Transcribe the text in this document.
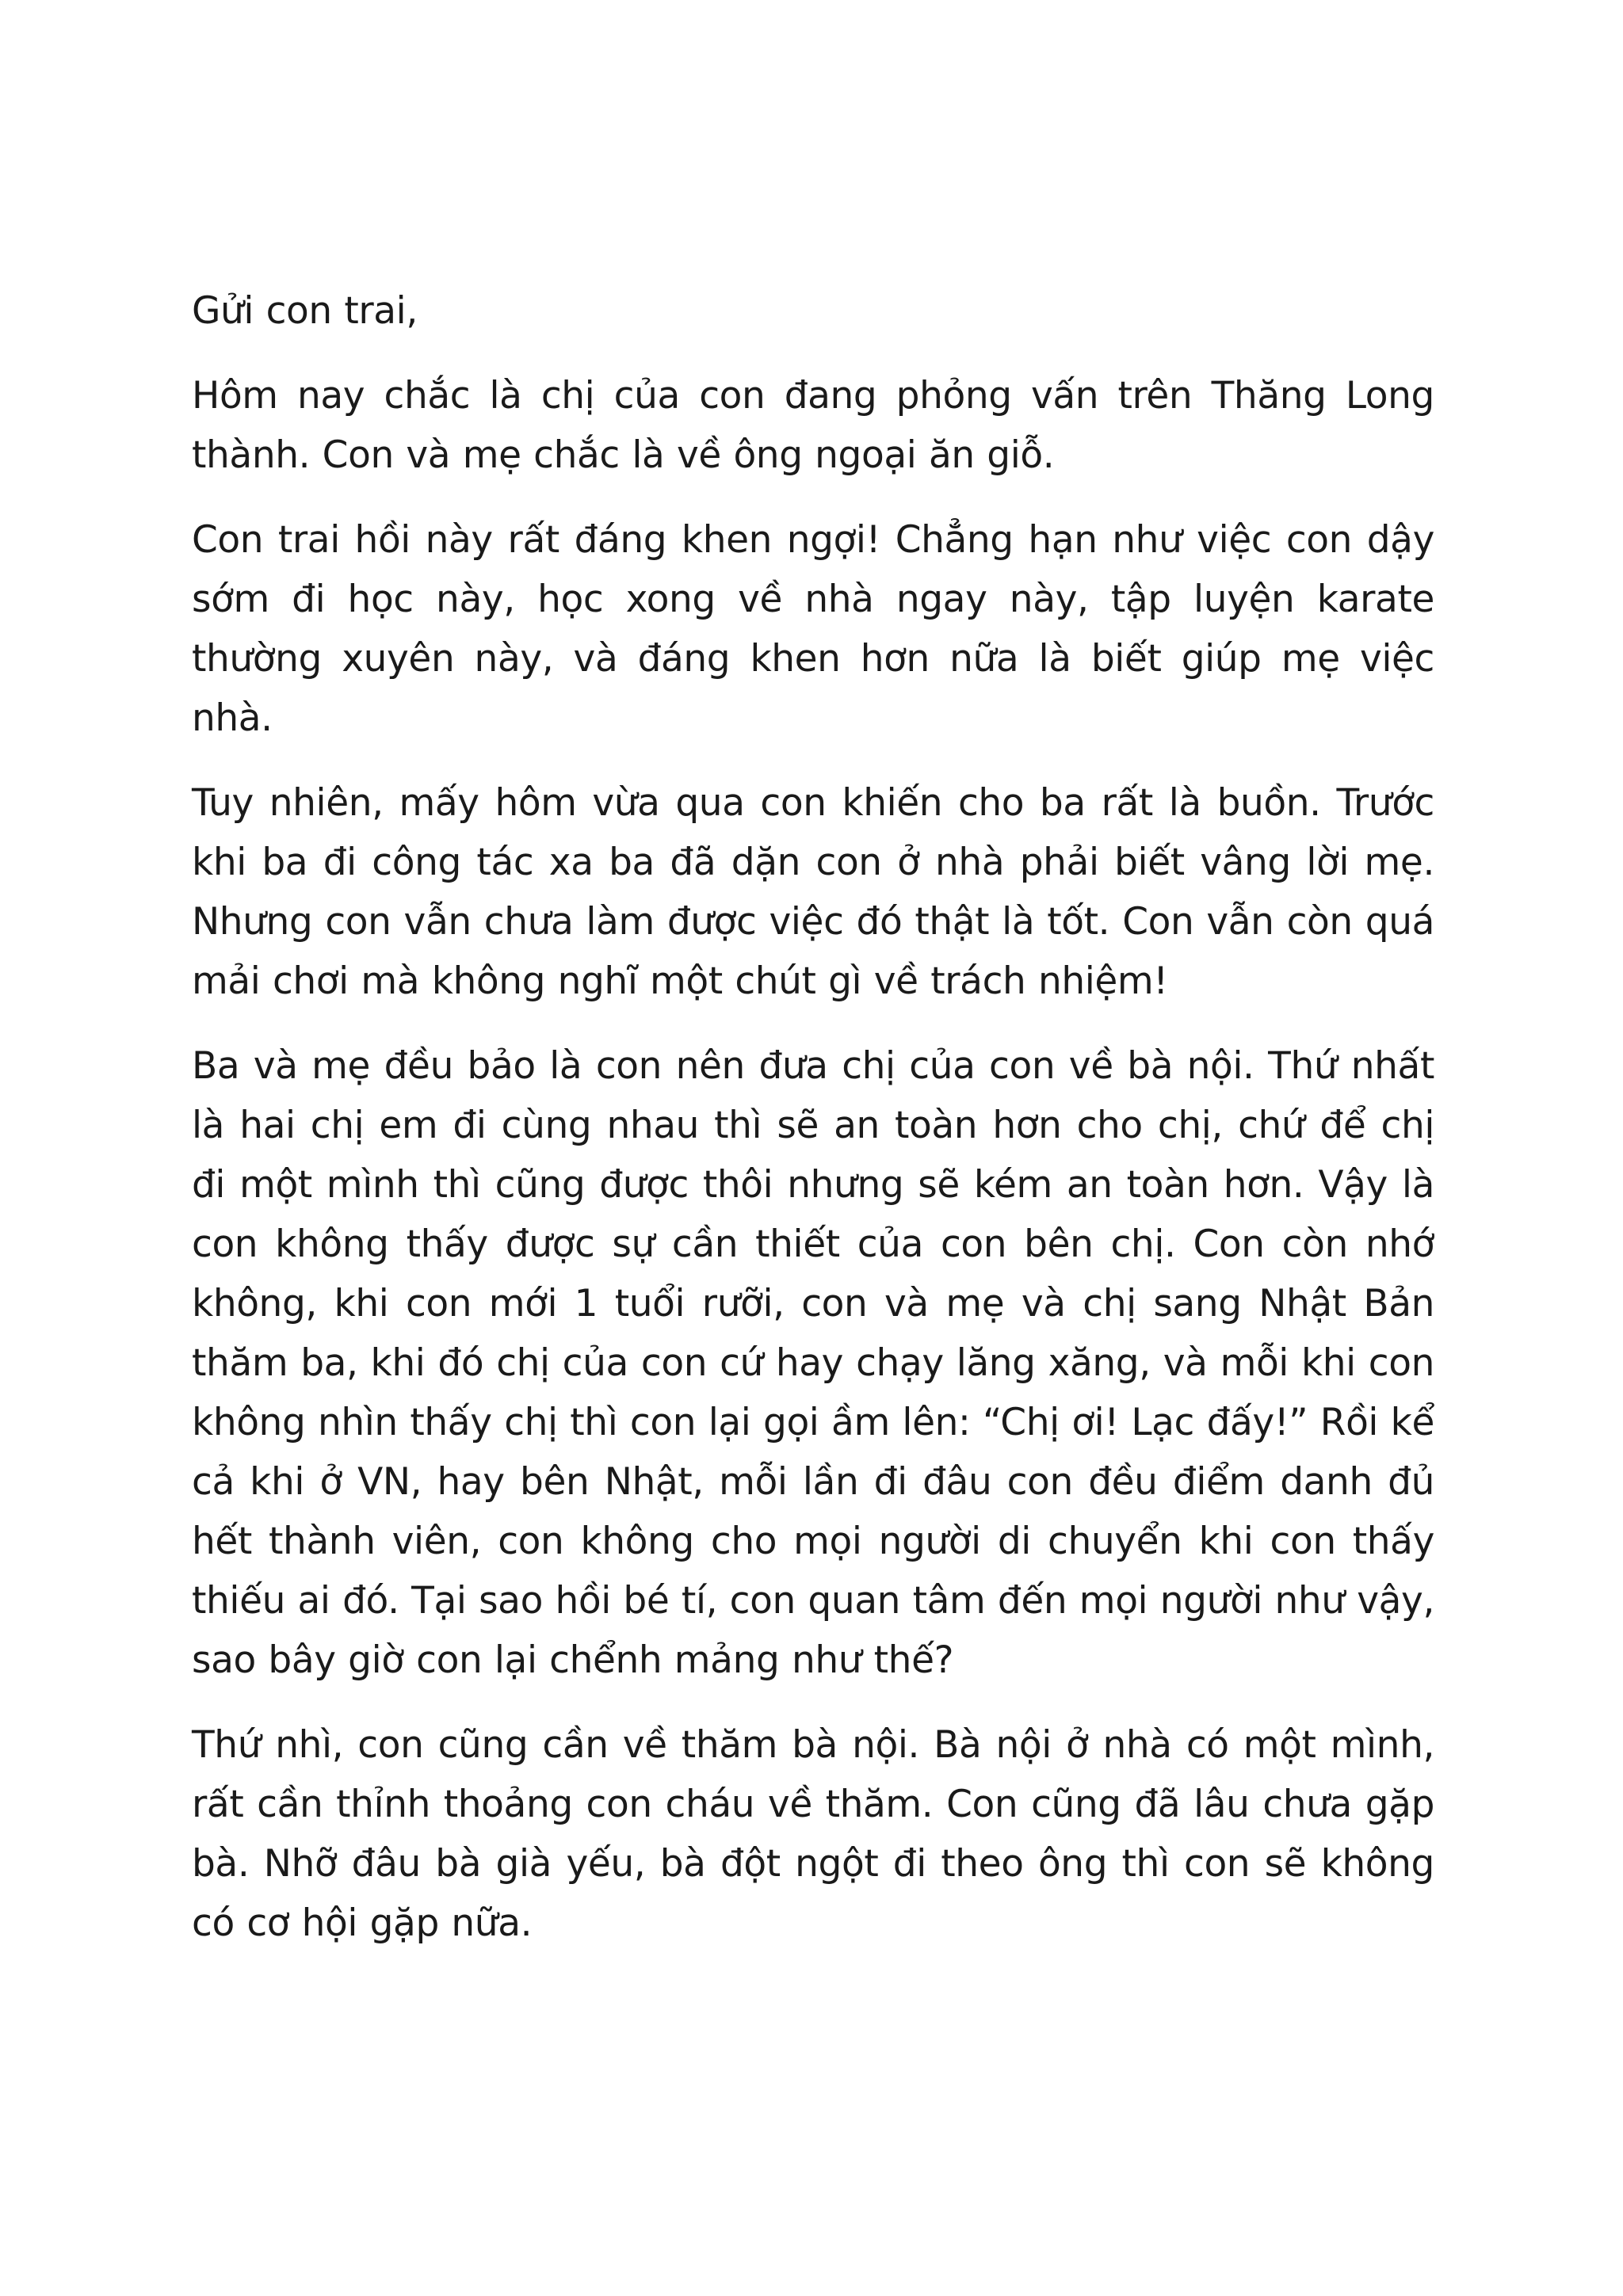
Gửi con trai,

Hôm nay chắc là chị của con đang phỏng vấn trên Thăng Long thành. Con và mẹ chắc là về ông ngoại ăn giỗ.

Con trai hồi này rất đáng khen ngợi! Chẳng hạn như việc con dậy sớm đi học này, học xong về nhà ngay này, tập luyện karate thường xuyên này, và đáng khen hơn nữa là biết giúp mẹ việc nhà.

Tuy nhiên, mấy hôm vừa qua con khiến cho ba rất là buồn. Trước khi ba đi công tác xa ba đã dặn con ở nhà phải biết vâng lời mẹ. Nhưng con vẫn chưa làm được việc đó thật là tốt. Con vẫn còn quá mải chơi mà không nghĩ một chút gì về trách nhiệm!

Ba và mẹ đều bảo là con nên đưa chị của con về bà nội. Thứ nhất là hai chị em đi cùng nhau thì sẽ an toàn hơn cho chị, chứ để chị đi một mình thì cũng được thôi nhưng sẽ kém an toàn hơn. Vậy là con không thấy được sự cần thiết của con bên chị. Con còn nhớ không, khi con mới 1 tuổi rưỡi, con và mẹ và chị sang Nhật Bản thăm ba, khi đó chị của con cứ hay chạy lăng xăng, và mỗi khi con không nhìn thấy chị thì con lại gọi ầm lên: “Chị ơi! Lạc đấy!” Rồi kể cả khi ở VN, hay bên Nhật, mỗi lần đi đâu con đều điểm danh đủ hết thành viên, con không cho mọi người di chuyển khi con thấy thiếu ai đó. Tại sao hồi bé tí, con quan tâm đến mọi người như vậy, sao bây giờ con lại chểnh mảng như thế?

Thứ nhì, con cũng cần về thăm bà nội. Bà nội ở nhà có một mình, rất cần thỉnh thoảng con cháu về thăm. Con cũng đã lâu chưa gặp bà. Nhỡ đâu bà già yếu, bà đột ngột đi theo ông thì con sẽ không có cơ hội gặp nữa.
